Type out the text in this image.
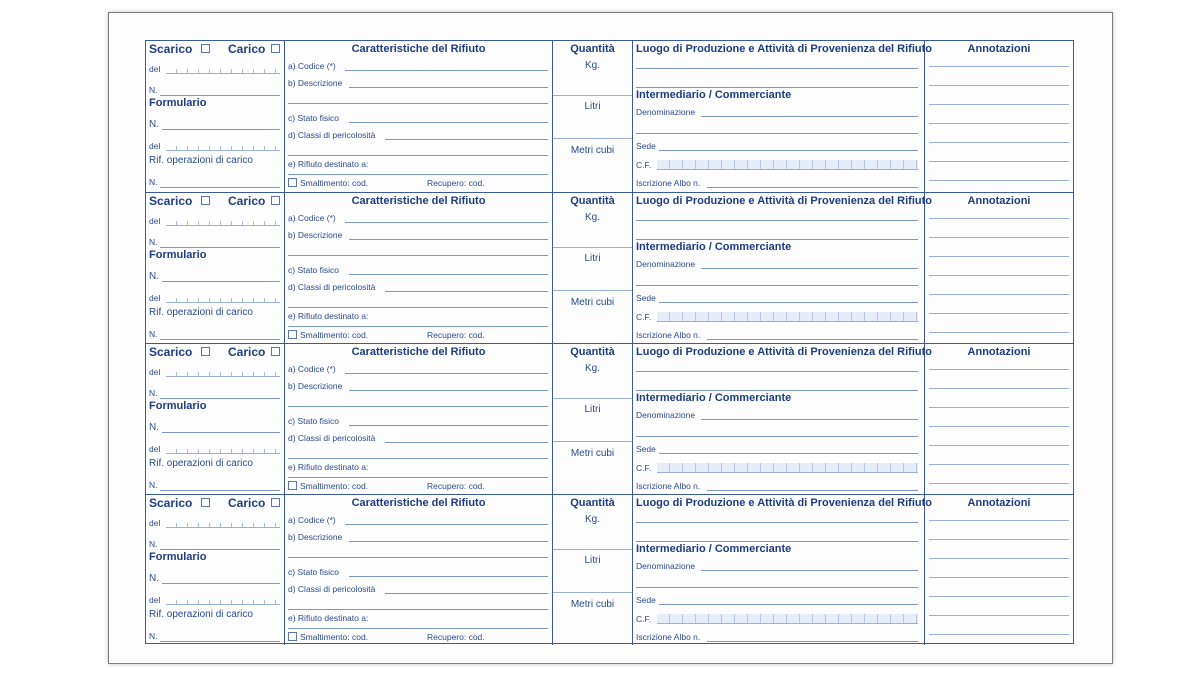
Scarico	Carico
del
N.
Formulario
N.
del
Rif. operazioni di carico
N.
Caratteristiche del Rifiuto
a) Codice (*)
b) Descrizione
c) Stato fisico
d) Classi di pericolosità
e) Rifiuto destinato a:
Smaltimento: cod.	Recupero: cod.
Quantità
Kg.
Litri
Metri cubi
Luogo di Produzione e Attività di Provenienza del Rifiuto
Intermediario / Commerciante
Denominazione
Sede
C.F.
Iscrizione Albo n.
Annotazioni
Scarico	Carico
del
N.
Formulario
N.
del
Rif. operazioni di carico
N.
Caratteristiche del Rifiuto
a) Codice (*)
b) Descrizione
c) Stato fisico
d) Classi di pericolosità
e) Rifiuto destinato a:
Smaltimento: cod.	Recupero: cod.
Quantità
Kg.
Litri
Metri cubi
Luogo di Produzione e Attività di Provenienza del Rifiuto
Intermediario / Commerciante
Denominazione
Sede
C.F.
Iscrizione Albo n.
Annotazioni
Scarico	Carico
del
N.
Formulario
N.
del
Rif. operazioni di carico
N.
Caratteristiche del Rifiuto
a) Codice (*)
b) Descrizione
c) Stato fisico
d) Classi di pericolosità
e) Rifiuto destinato a:
Smaltimento: cod.	Recupero: cod.
Quantità
Kg.
Litri
Metri cubi
Luogo di Produzione e Attività di Provenienza del Rifiuto
Intermediario / Commerciante
Denominazione
Sede
C.F.
Iscrizione Albo n.
Annotazioni
Scarico	Carico
del
N.
Formulario
N.
del
Rif. operazioni di carico
N.
Caratteristiche del Rifiuto
a) Codice (*)
b) Descrizione
c) Stato fisico
d) Classi di pericolosità
e) Rifiuto destinato a:
Smaltimento: cod.	Recupero: cod.
Quantità
Kg.
Litri
Metri cubi
Luogo di Produzione e Attività di Provenienza del Rifiuto
Intermediario / Commerciante
Denominazione
Sede
C.F.
Iscrizione Albo n.
Annotazioni
